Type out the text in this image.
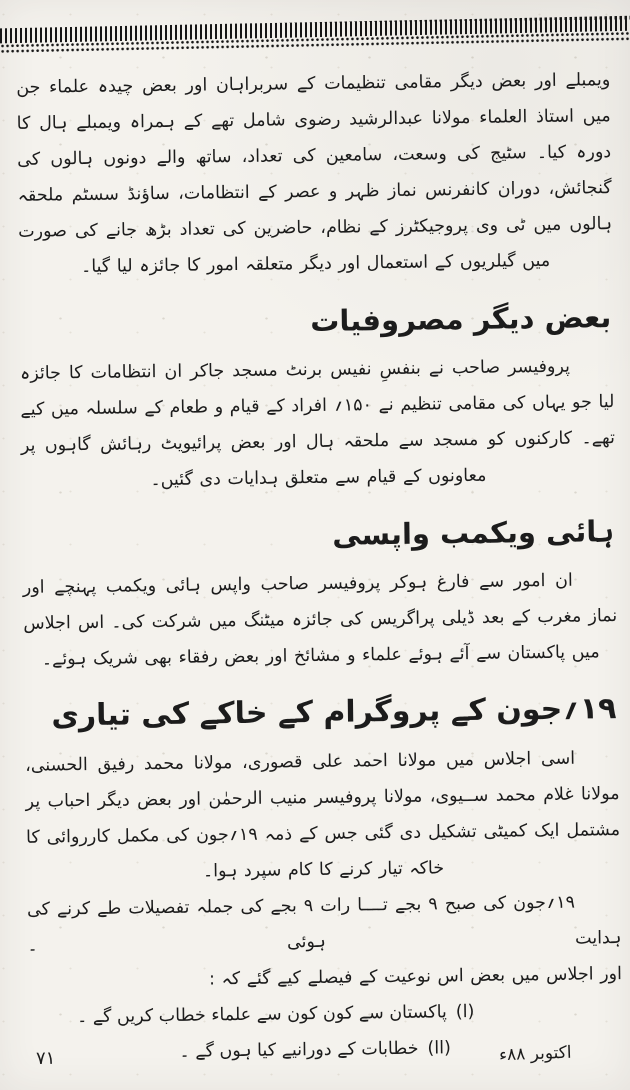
ویمبلے اور بعض دیگر مقامی تنظیمات کے سربراہان اور بعض چیدہ علماء جن میں استاذ العلماء مولانا عبدالرشید رضوی شامل تھے کے ہمراہ ویمبلے ہال کا دورہ کیا۔ سٹیج کی وسعت، سامعین کی تعداد، ساتھ والے دونوں ہالوں کی گنجائش، دوران کانفرنس نماز ظہر و عصر کے انتظامات، ساؤنڈ سسٹم ملحقہ ہالوں میں ٹی وی پروجیکٹرز کے نظام، حاضرین کی تعداد بڑھ جانے کی صورت میں گیلریوں کے استعمال اور دیگر متعلقہ امور کا جائزہ لیا گیا۔

بعض دیگر مصروفیات

پروفیسر صاحب نے بنفسِ نفیس برنٹ مسجد جاکر ان انتظامات کا جائزہ لیا جو یہاں کی مقامی تنظیم نے ۱۵۰؍ افراد کے قیام و طعام کے سلسلہ میں کیے تھے۔ کارکنوں کو مسجد سے ملحقہ ہال اور بعض پرائیویٹ رہائش گاہوں پر معاونوں کے قیام سے متعلق ہدایات دی گئیں۔

ہائی ویکمب واپسی

ان امور سے فارغ ہوکر پروفیسر صاحب واپس ہائی ویکمب پہنچے اور نماز مغرب کے بعد ڈیلی پراگریس کی جائزہ میٹنگ میں شرکت کی۔ اس اجلاس میں پاکستان سے آئے ہوئے علماء و مشائخ اور بعض رفقاء بھی شریک ہوئے۔

۱۹؍جون کے پروگرام کے خاکے کی تیاری

اسی اجلاس میں مولانا احمد علی قصوری، مولانا محمد رفیق الحسنی، مولانا غلام محمد ســیوی، مولانا پروفیسر منیب الرحمٰن اور بعض دیگر احباب پر مشتمل ایک کمیٹی تشکیل دی گئی جس کے ذمہ ۱۹؍جون کی مکمل کارروائی کا خاکہ تیار کرنے کا کام سپرد ہوا۔

۱۹؍جون کی صبح ۹ بجے تــــا رات ۹ بجے کی جملہ تفصیلات طے کرنے کی ہدایت ہوئی ۔

اور اجلاس میں بعض اس نوعیت کے فیصلے کیے گئے کہ :

(ا)پاکستان سے کون کون سے علماء خطاب کریں گے ۔
(اا)خطابات کے دورانیے کیا ہوں گے ۔	اکتوبر ۸۸ء
۷۱
